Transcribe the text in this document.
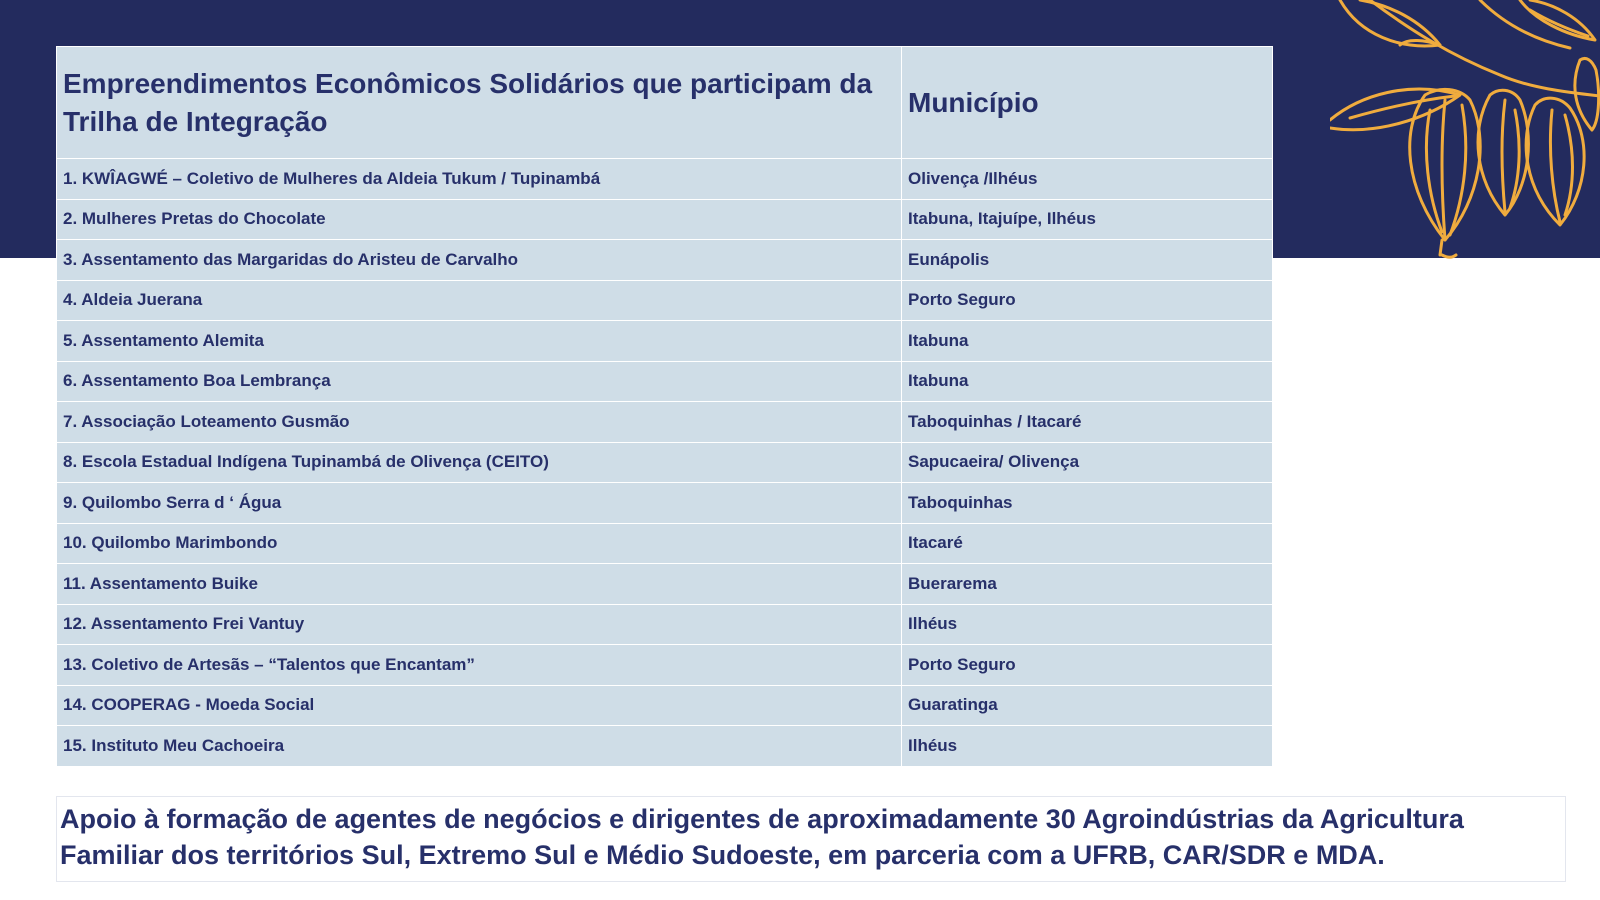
Empreendimentos Econômicos Solidários que participam da Trilha de Integração	Município
1. KWÎAGWÉ – Coletivo de Mulheres da Aldeia Tukum / Tupinambá	Olivença /Ilhéus
2. Mulheres Pretas do Chocolate	Itabuna, Itajuípe, Ilhéus
3. Assentamento das Margaridas do Aristeu de Carvalho	Eunápolis
4. Aldeia Juerana	Porto Seguro
5. Assentamento Alemita	Itabuna
6. Assentamento Boa Lembrança	Itabuna
7. Associação Loteamento Gusmão	Taboquinhas / Itacaré
8. Escola Estadual Indígena Tupinambá de Olivença (CEITO)	Sapucaeira/ Olivença
9. Quilombo Serra d ‘ Água	Taboquinhas
10. Quilombo Marimbondo	Itacaré
11. Assentamento Buike	Buerarema
12. Assentamento Frei Vantuy	Ilhéus
13. Coletivo de Artesãs – “Talentos que Encantam”	Porto Seguro
14. COOPERAG - Moeda Social	Guaratinga
15. Instituto Meu Cachoeira	Ilhéus
Apoio à formação de agentes de negócios e dirigentes de aproximadamente 30 Agroindústrias da Agricultura Familiar dos territórios Sul, Extremo Sul e Médio Sudoeste, em parceria com a UFRB, CAR/SDR e MDA.
